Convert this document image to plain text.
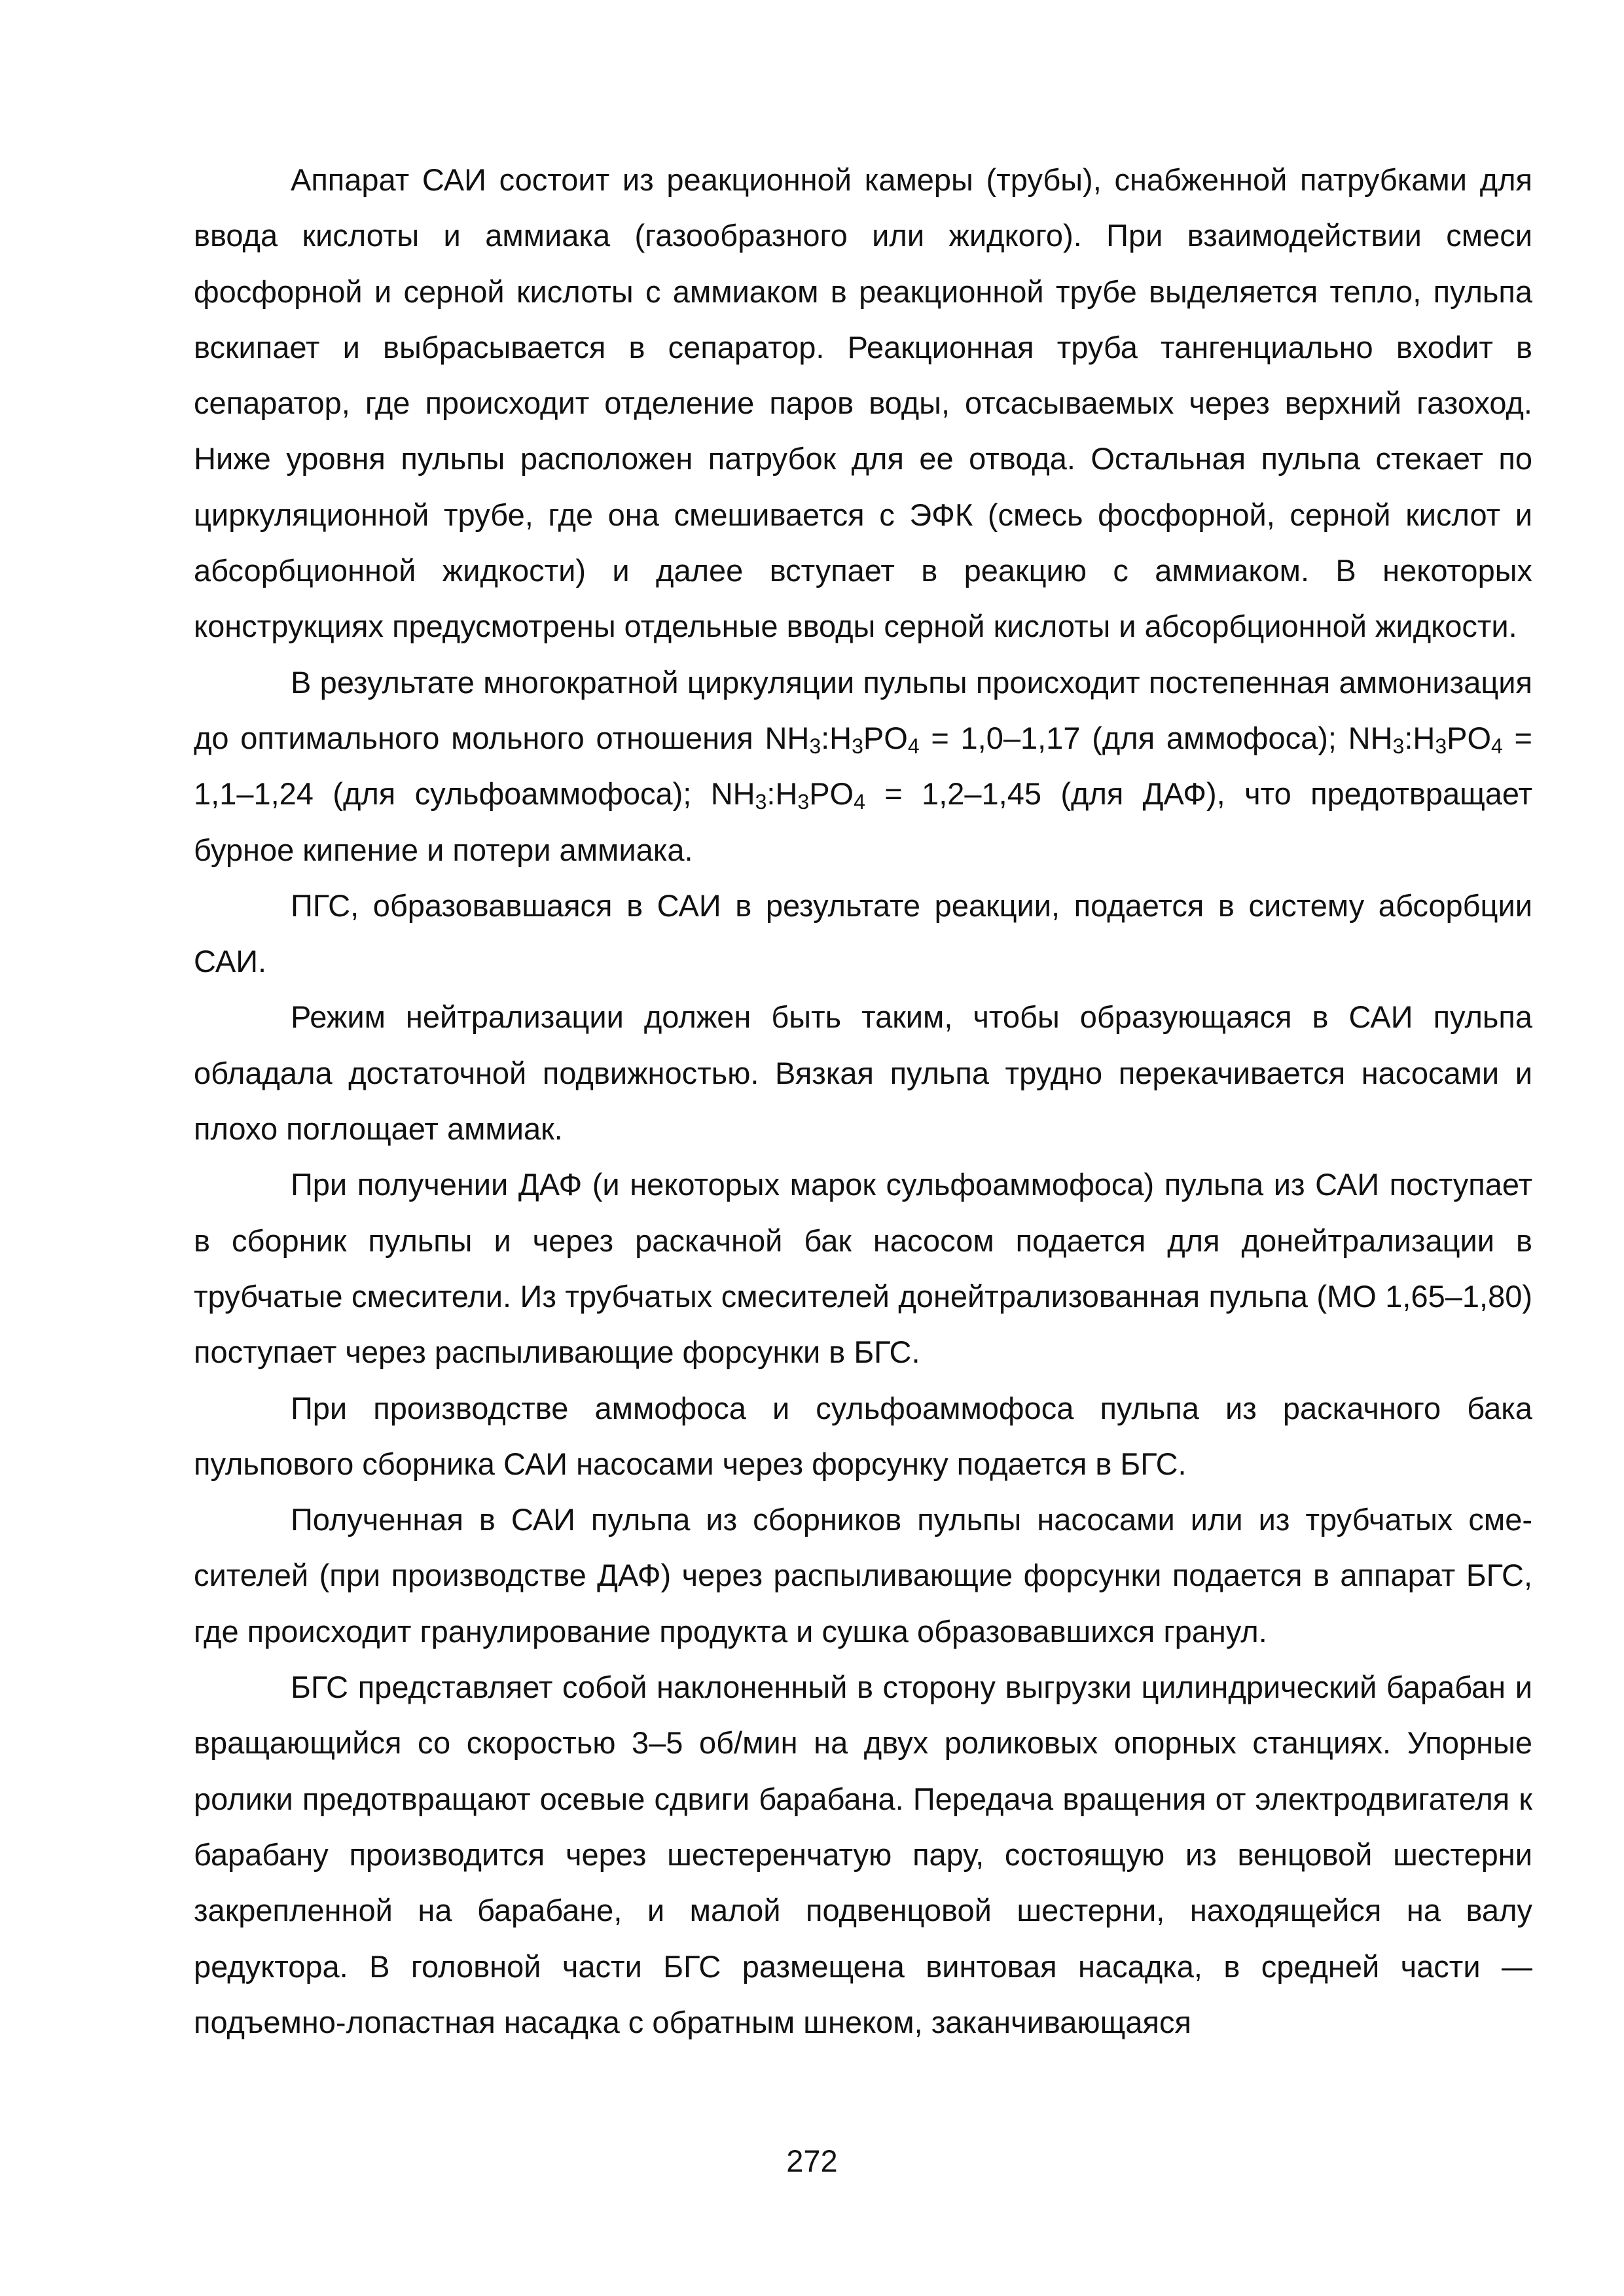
Аппарат САИ состоит из реакционной камеры (трубы), снабженной патрубками для ввода кислоты и аммиака (газообразного или жидкого). При взаимодействии смеси фосфорной и серной кислоты с аммиаком в реакционной трубе выделяется тепло, пульпа вскипает и выбрасывается в сепаратор. Реакционная труба тангенциально вхоdит в сепаратор, где происходит отделение паров воды, отсасываемых через верхний газоход. Ниже уровня пульпы расположен патрубок для ее отвода. Остальная пульпа стекает по циркуляционной трубе, где она смешивается с ЭФК (смесь фосфорной, серной кислот и абсорбционной жидкости) и далее вступает в реакцию с аммиаком. В некоторых конструкциях предусмотрены отдельные вводы серной кислоты и абсорбционной жидкости.

В результате многократной циркуляции пульпы происходит постепенная аммонизация до оптимального мольного отношения $NH_3:H_3PO_4 = 1,0-1,17$ (для аммофоса); $NH_3:H_3PO_4 = 1,1-1,24$ (для сульфоаммофоса); $NH_3:H_3PO_4 = 1,2-1,45$ (для ДАФ), что предотвращает бурное кипение и потери аммиака.

ПГС, образовавшаяся в САИ в результате реакции, подается в систему абсорбции САИ.

Режим нейтрализации должен быть таким, чтобы образующаяся в САИ пульпа обладала достаточной подвижностью. Вязкая пульпа трудно перекачивается насосами и плохо поглощает аммиак.

При получении ДАФ (и некоторых марок сульфоаммофоса) пульпа из САИ поступает в сборник пульпы и через раскачной бак насосом подается для донейтрализации в трубчатые смесители. Из трубчатых смесителей донейтрализованная пульпа (МО 1,65–1,80) поступает через распыливающие форсунки в БГС.

При производстве аммофоса и сульфоаммофоса пульпа из раскачного бака пульпового сборника САИ насосами через форсунку подается в БГС.

Полученная в САИ пульпа из сборников пульпы насосами или из трубчатых смесителей (при производстве ДАФ) через распыливающие форсунки подается в аппарат БГС, где происходит гранулирование продукта и сушка образовавшихся гранул.

БГС представляет собой наклоненный в сторону выгрузки цилиндрический барабан и вращающийся со скоростью 3–5 об/мин на двух роликовых опорных станциях. Упорные ролики предотвращают осевые сдвиги барабана. Передача вращения от электродвигателя к барабану производится через шестеренчатую пару, состоящую из венцовой шестерни закрепленной на барабане, и малой подвенцовой шестерни, находящейся на валу редуктора. В головной части БГС размещена винтовая насадка, в средней части — подъемно-лопастная насадка с обратным шнеком, заканчивающаяся

272
